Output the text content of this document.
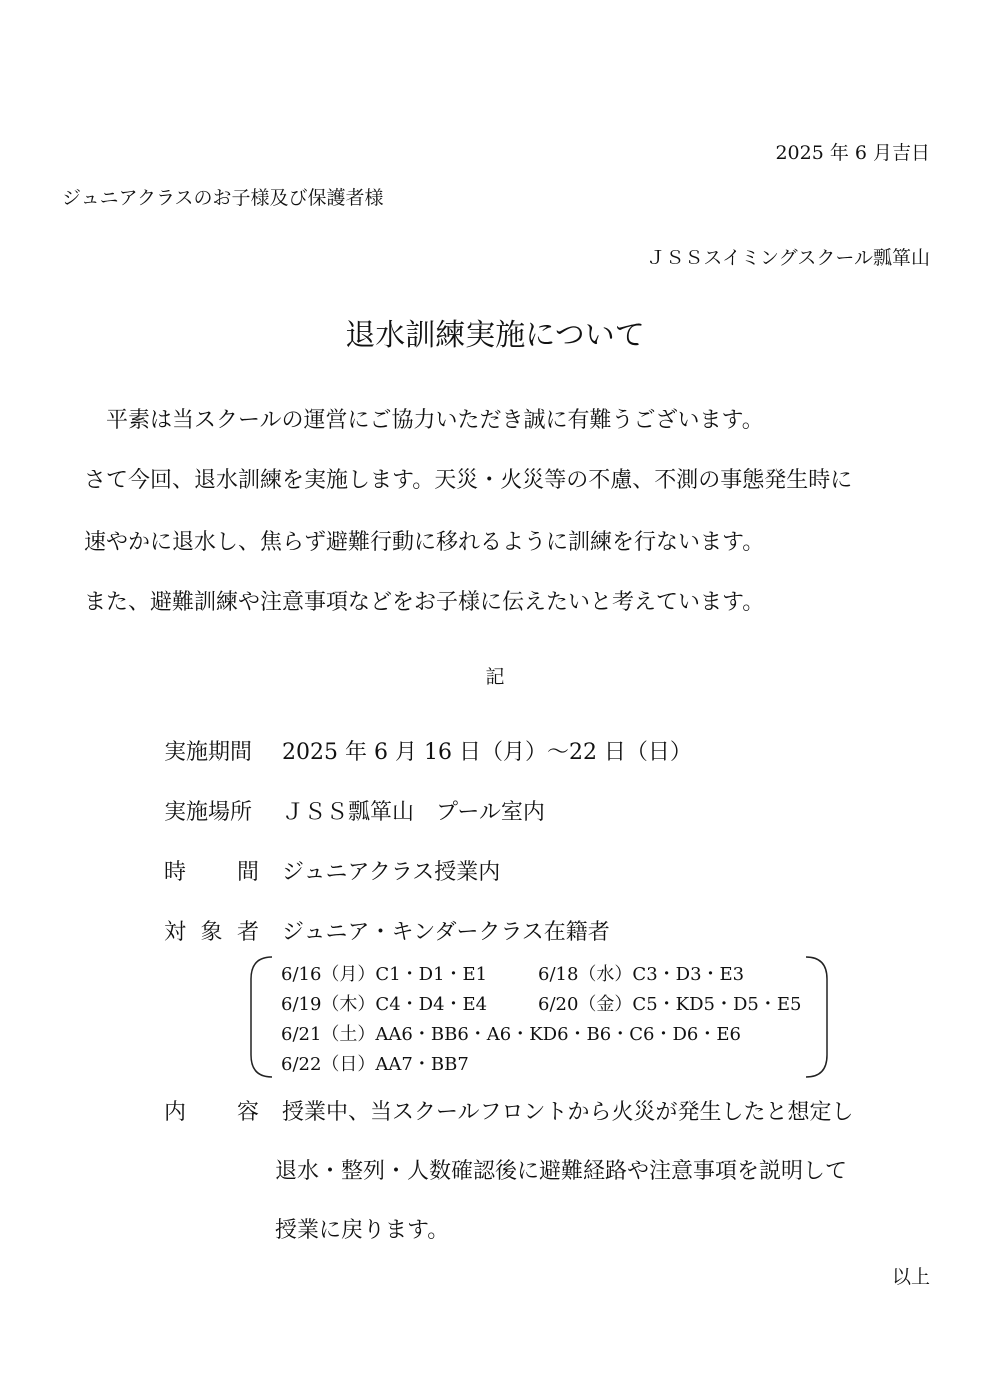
2025 年 6 月吉日
ジュニアクラスのお子様及び保護者様
ＪＳＳスイミングスクール瓢箪山
退水訓練実施について
　平素は当スクールの運営にご協力いただき誠に有難うございます。
さて今回、退水訓練を実施します。天災・火災等の不慮、不測の事態発生時に
速やかに退水し、焦らず避難行動に移れるように訓練を行ないます。
また、避難訓練や注意事項などをお子様に伝えたいと考えています。
記
実施期間	2025 年 6 月 16 日（月）～22 日（日）
実施場所	ＪＳＳ瓢箪山　プール室内
時 間 ジュニアクラス授業内
対 象 者 ジュニア・キンダークラス在籍者
6/16（月）C1・D1・E1	6/18（水）C3・D3・E3
6/19（木）C4・D4・E4	6/20（金）C5・KD5・D5・E5
6/21（土）AA6・BB6・A6・KD6・B6・C6・D6・E6
6/22（日）AA7・BB7
内 容 授業中、当スクールフロントから火災が発生したと想定し
退水・整列・人数確認後に避難経路や注意事項を説明して
授業に戻ります。
以上
